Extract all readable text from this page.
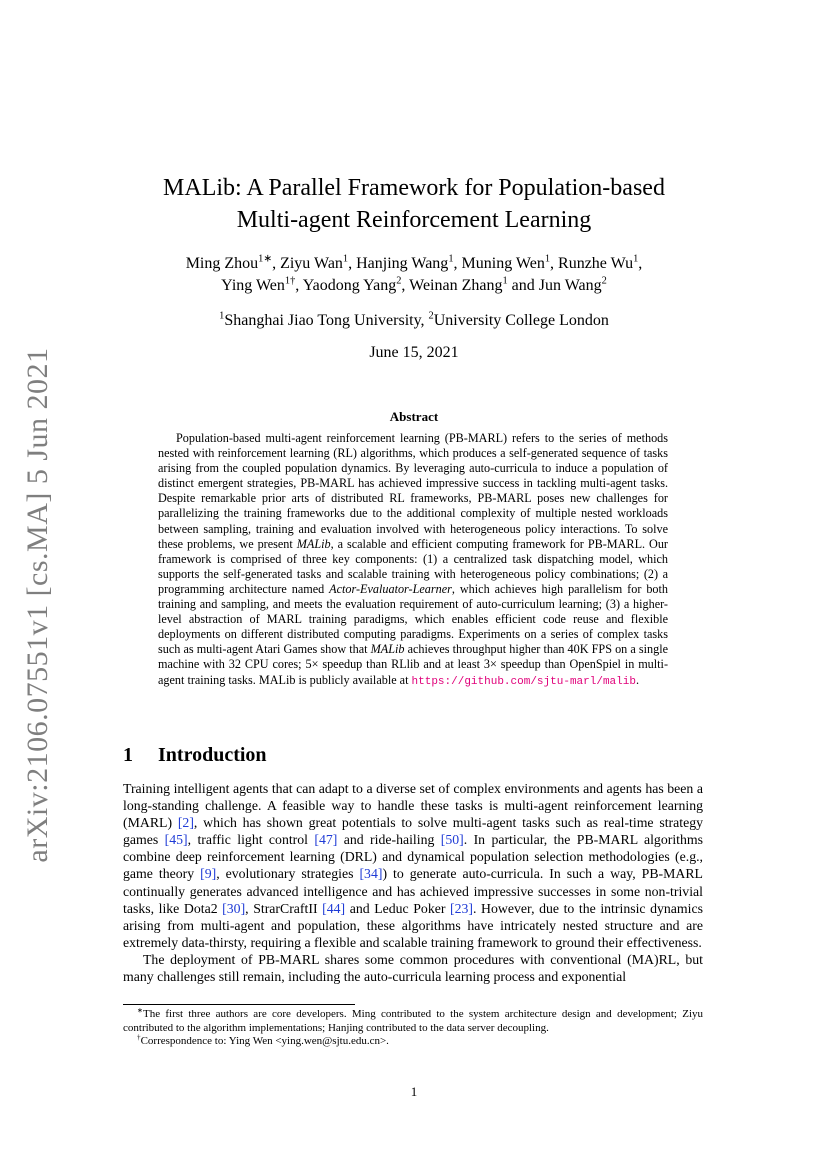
arXiv:2106.07551v1 [cs.MA] 5 Jun 2021
MALib: A Parallel Framework for Population-based
Multi-agent Reinforcement Learning
Ming Zhou$^{1∗}$, Ziyu Wan$^1$, Hanjing Wang$^1$, Muning Wen$^1$, Runzhe Wu$^1$,
Ying Wen$^{1\dagger}$, Yaodong Yang$^2$, Weinan Zhang$^1$ and Jun Wang$^2$
$^1$Shanghai Jiao Tong University, $^2$University College London
June 15, 2021
Abstract
Population-based multi-agent reinforcement learning (PB-MARL) refers to the series of methods nested with reinforcement learning (RL) algorithms, which produces a self-generated sequence of tasks arising from the coupled population dynamics. By leveraging auto-curricula to induce a population of distinct emergent strategies, PB-MARL has achieved impressive success in tackling multi-agent tasks. Despite remarkable prior arts of distributed RL frameworks, PB-MARL poses new challenges for parallelizing the training frameworks due to the additional complexity of multiple nested workloads between sampling, training and evaluation involved with heterogeneous policy interactions. To solve these problems, we present MALib, a scalable and efficient computing framework for PB-MARL. Our framework is comprised of three key components: (1) a centralized task dispatching model, which supports the self-generated tasks and scalable training with heterogeneous policy combinations; (2) a programming architecture named Actor-Evaluator-Learner, which achieves high parallelism for both training and sampling, and meets the evaluation requirement of auto-curriculum learning; (3) a higher-level abstraction of MARL training paradigms, which enables efficient code reuse and flexible deployments on different distributed computing paradigms. Experiments on a series of complex tasks such as multi-agent Atari Games show that MALib achieves throughput higher than 40K FPS on a single machine with 32 CPU cores; 5× speedup than RLlib and at least 3× speedup than OpenSpiel in multi-agent training tasks. MALib is publicly available at https://github.com/sjtu-marl/malib.
1 Introduction

Training intelligent agents that can adapt to a diverse set of complex environments and agents has been a long-standing challenge. A feasible way to handle these tasks is multi-agent reinforcement learning (MARL) [2], which has shown great potentials to solve multi-agent tasks such as real-time strategy games [45], traffic light control [47] and ride-hailing [50]. In particular, the PB-MARL algorithms combine deep reinforcement learning (DRL) and dynamical population selection methodologies (e.g., game theory [9], evolutionary strategies [34]) to generate auto-curricula. In such a way, PB-MARL continually generates advanced intelligence and has achieved impressive successes in some non-trivial tasks, like Dota2 [30], StrarCraftII [44] and Leduc Poker [23]. However, due to the intrinsic dynamics arising from multi-agent and population, these algorithms have intricately nested structure and are extremely data-thirsty, requiring a flexible and scalable training framework to ground their effectiveness.

The deployment of PB-MARL shares some common procedures with conventional (MA)RL, but many challenges still remain, including the auto-curricula learning process and exponential

∗The first three authors are core developers. Ming contributed to the system architecture design and development; Ziyu contributed to the algorithm implementations; Hanjing contributed to the data server decoupling.

†Correspondence to: Ying Wen <ying.wen@sjtu.edu.cn>.

1
